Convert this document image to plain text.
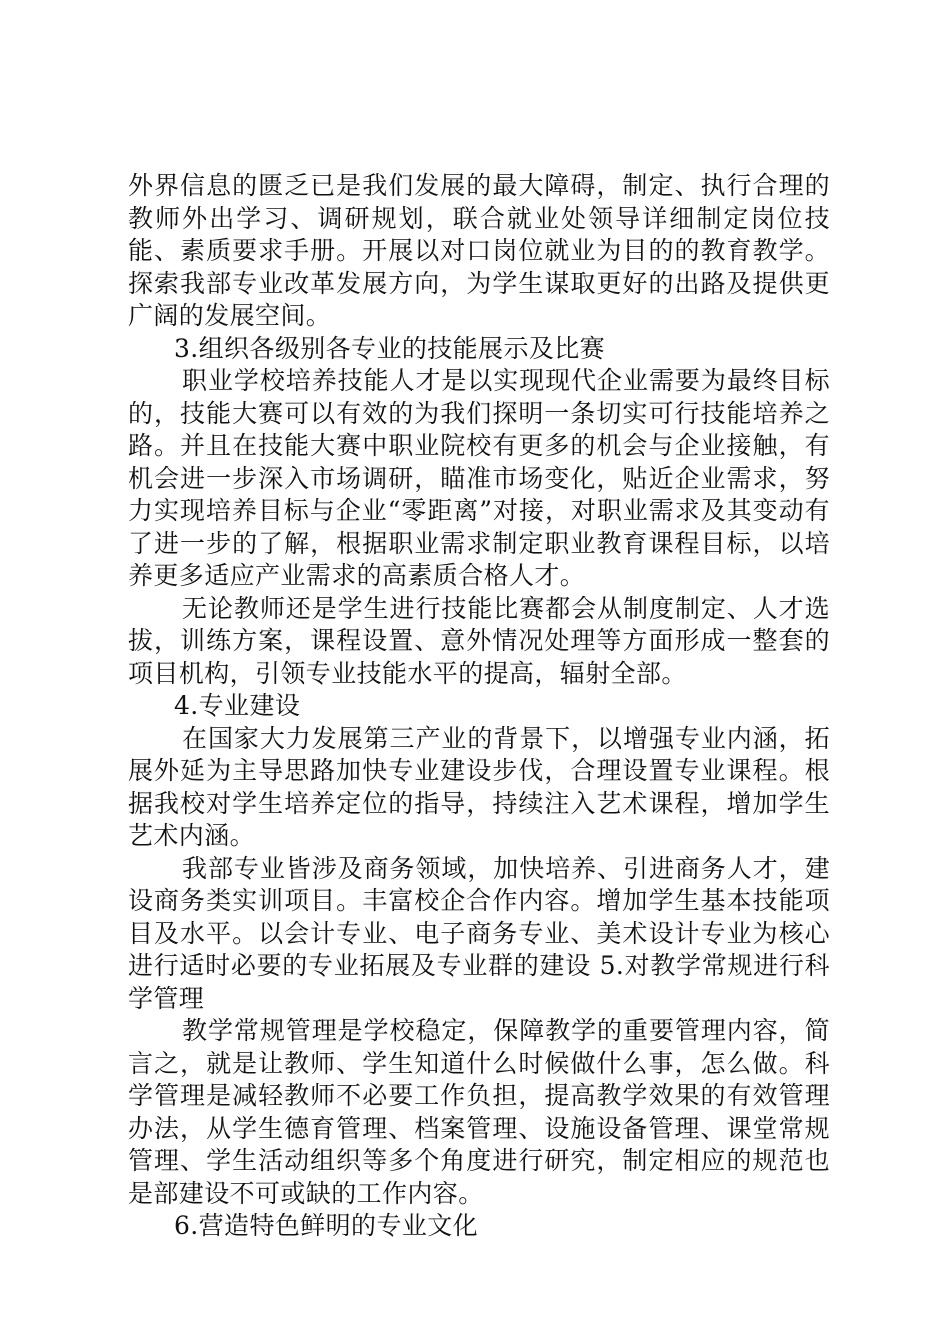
外界信息的匮乏已是我们发展的最大障碍，制定、执行合理的教师外出学习、调研规划，联合就业处领导详细制定岗位技能、素质要求手册。开展以对口岗位就业为目的的教育教学。探索我部专业改革发展方向，为学生谋取更好的出路及提供更广阔的发展空间。

3.组织各级别各专业的技能展示及比赛

职业学校培养技能人才是以实现现代企业需要为最终目标的，技能大赛可以有效的为我们探明一条切实可行技能培养之路。并且在技能大赛中职业院校有更多的机会与企业接触，有机会进一步深入市场调研，瞄准市场变化，贴近企业需求，努力实现培养目标与企业“零距离”对接，对职业需求及其变动有了进一步的了解，根据职业需求制定职业教育课程目标，以培养更多适应产业需求的高素质合格人才。

无论教师还是学生进行技能比赛都会从制度制定、人才选拔，训练方案，课程设置、意外情况处理等方面形成一整套的项目机构，引领专业技能水平的提高，辐射全部。

4.专业建设

在国家大力发展第三产业的背景下，以增强专业内涵，拓展外延为主导思路加快专业建设步伐，合理设置专业课程。根据我校对学生培养定位的指导，持续注入艺术课程，增加学生艺术内涵。

我部专业皆涉及商务领域，加快培养、引进商务人才，建设商务类实训项目。丰富校企合作内容。增加学生基本技能项目及水平。以会计专业、电子商务专业、美术设计专业为核心进行适时必要的专业拓展及专业群的建设 5.对教学常规进行科学管理

教学常规管理是学校稳定，保障教学的重要管理内容，简言之，就是让教师、学生知道什么时候做什么事，怎么做。科学管理是减轻教师不必要工作负担，提高教学效果的有效管理办法，从学生德育管理、档案管理、设施设备管理、课堂常规管理、学生活动组织等多个角度进行研究，制定相应的规范也是部建设不可或缺的工作内容。

6.营造特色鲜明的专业文化
